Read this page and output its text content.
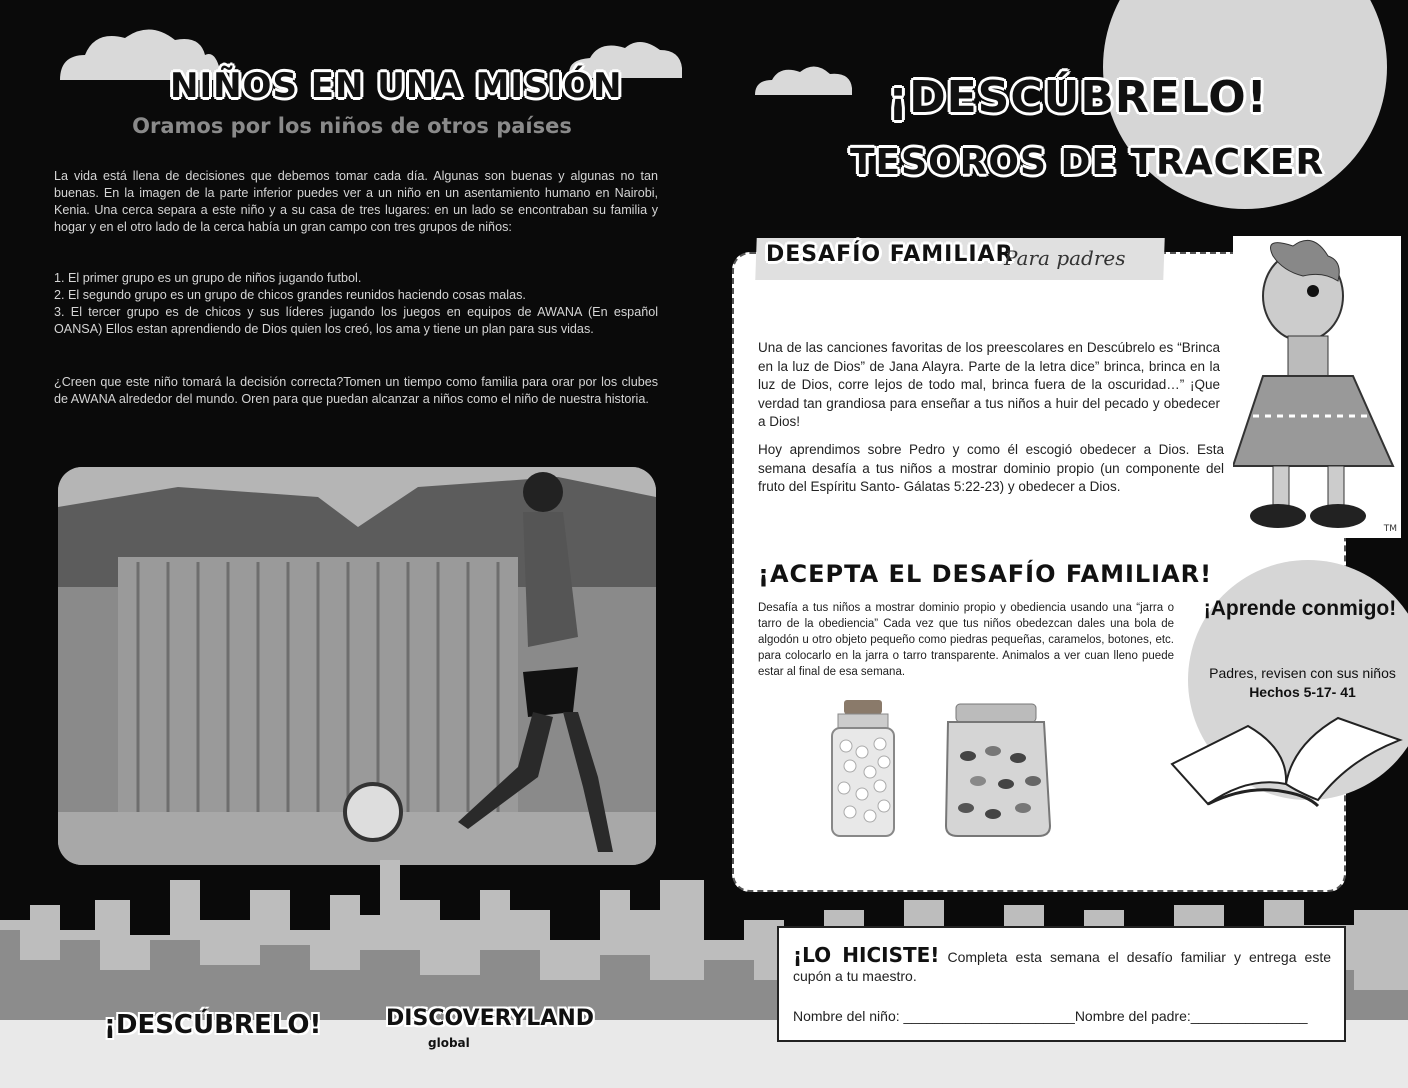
NIÑOS EN UNA MISIÓN
Oramos por los niños de otros países
La vida está llena de decisiones que debemos tomar cada día. Algunas son buenas y algunas no tan buenas. En la imagen de la parte inferior puedes ver a un niño en un asentamiento humano en Nairobi, Kenia. Una cerca separa a este niño y a su casa de tres lugares: en un lado se encontraban su familia y hogar y en el otro lado de la cerca había un gran campo con tres grupos de niños:
1. El primer grupo es un grupo de niños jugando futbol.
2. El segundo grupo es un grupo de chicos grandes reunidos haciendo cosas malas.
3. El tercer grupo es de chicos y sus líderes jugando los juegos en equipos de AWANA (En español OANSA) Ellos estan aprendiendo de Dios quien los creó, los ama y tiene un plan para sus vidas.
¿Creen que este niño tomará la decisión correcta?Tomen un tiempo como familia para orar por los clubes de AWANA alrededor del mundo. Oren para que puedan alcanzar a niños como el niño de nuestra historia.
¡DESCÚBRELO!	DISCOVERYLAND
global
¡DESCÚBRELO!
TESOROS DE TRACKER
DESAFÍO FAMILIAR
Para padres
Una de las canciones favoritas de los preescolares en Descúbrelo es “Brinca en la luz de Dios” de Jana Alayra. Parte de la letra dice” brinca, brinca en la luz de Dios, corre lejos de todo mal, brinca fuera de la oscuridad…” ¡Que verdad tan grandiosa para enseñar a tus niños a huir del pecado y obedecer a Dios!
Hoy aprendimos sobre Pedro y como él escogió obedecer a Dios. Esta semana desafía a tus niños a mostrar dominio propio (un componente del fruto del Espíritu Santo- Gálatas 5:22-23) y obedecer a Dios.
¡ACEPTA EL DESAFÍO FAMILIAR!
Desafía a tus niños a mostrar dominio propio y obediencia usando una “jarra o tarro de la obediencia” Cada vez que tus niños obedezcan dales una bola de algodón u otro objeto pequeño como piedras pequeñas, caramelos, botones, etc. para colocarlo en la jarra o tarro transparente. Animalos a ver cuan lleno puede estar al final de esa semana.
TM
¡Aprende conmigo!
Padres, revisen con sus niños Hechos 5-17- 41
¡LO HICISTE! Completa esta semana el desafío familiar y entrega este cupón a tu maestro.
Nombre del niño: ______________________Nombre del padre:_______________
